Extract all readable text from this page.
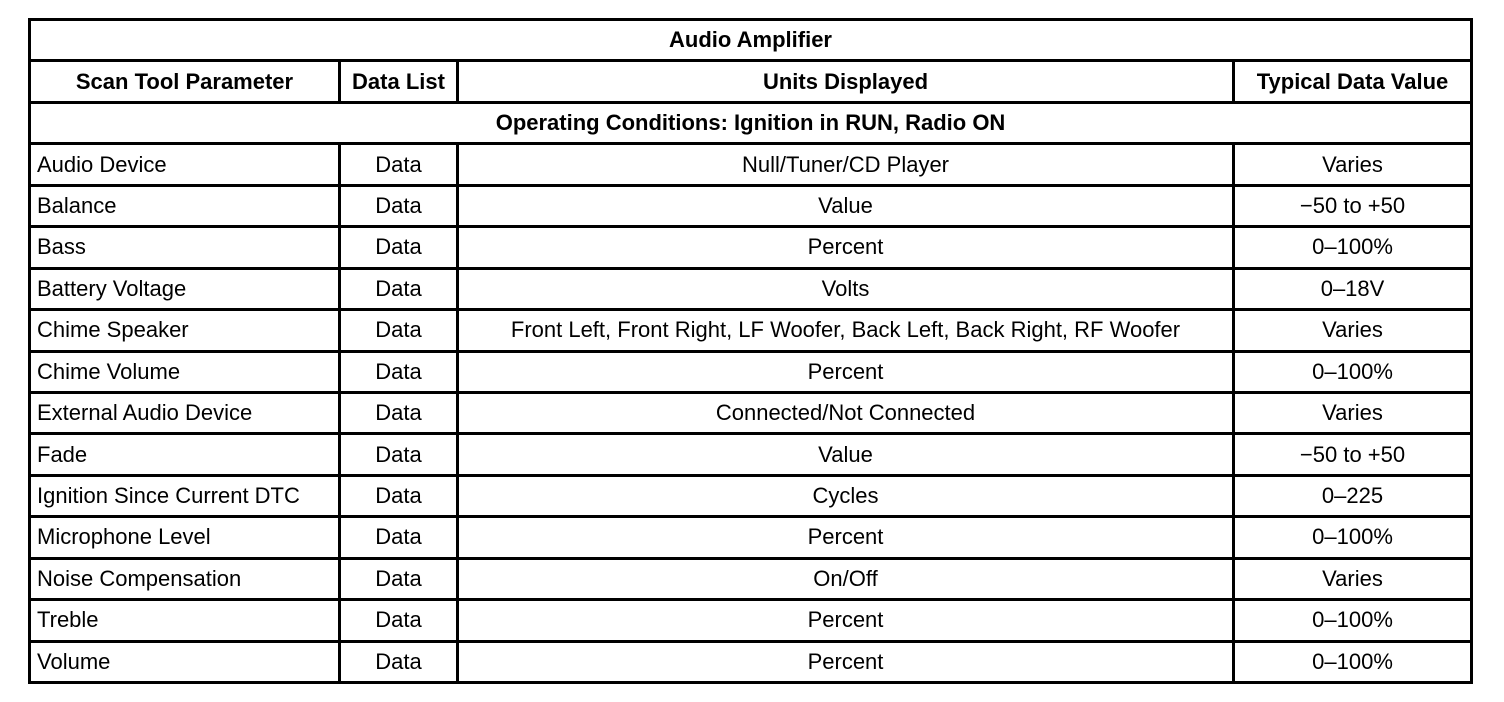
Audio Amplifier			
Scan Tool Parameter	Data List	Units Displayed	Typical Data Value
Operating Conditions: Ignition in RUN, Radio ON			
Audio Device	Data	Null/Tuner/CD Player	Varies
Balance	Data	Value	−50 to +50
Bass	Data	Percent	0–100%
Battery Voltage	Data	Volts	0–18V
Chime Speaker	Data	Front Left, Front Right, LF Woofer, Back Left, Back Right, RF Woofer	Varies
Chime Volume	Data	Percent	0–100%
External Audio Device	Data	Connected/Not Connected	Varies
Fade	Data	Value	−50 to +50
Ignition Since Current DTC	Data	Cycles	0–225
Microphone Level	Data	Percent	0–100%
Noise Compensation	Data	On/Off	Varies
Treble	Data	Percent	0–100%
Volume	Data	Percent	0–100%
